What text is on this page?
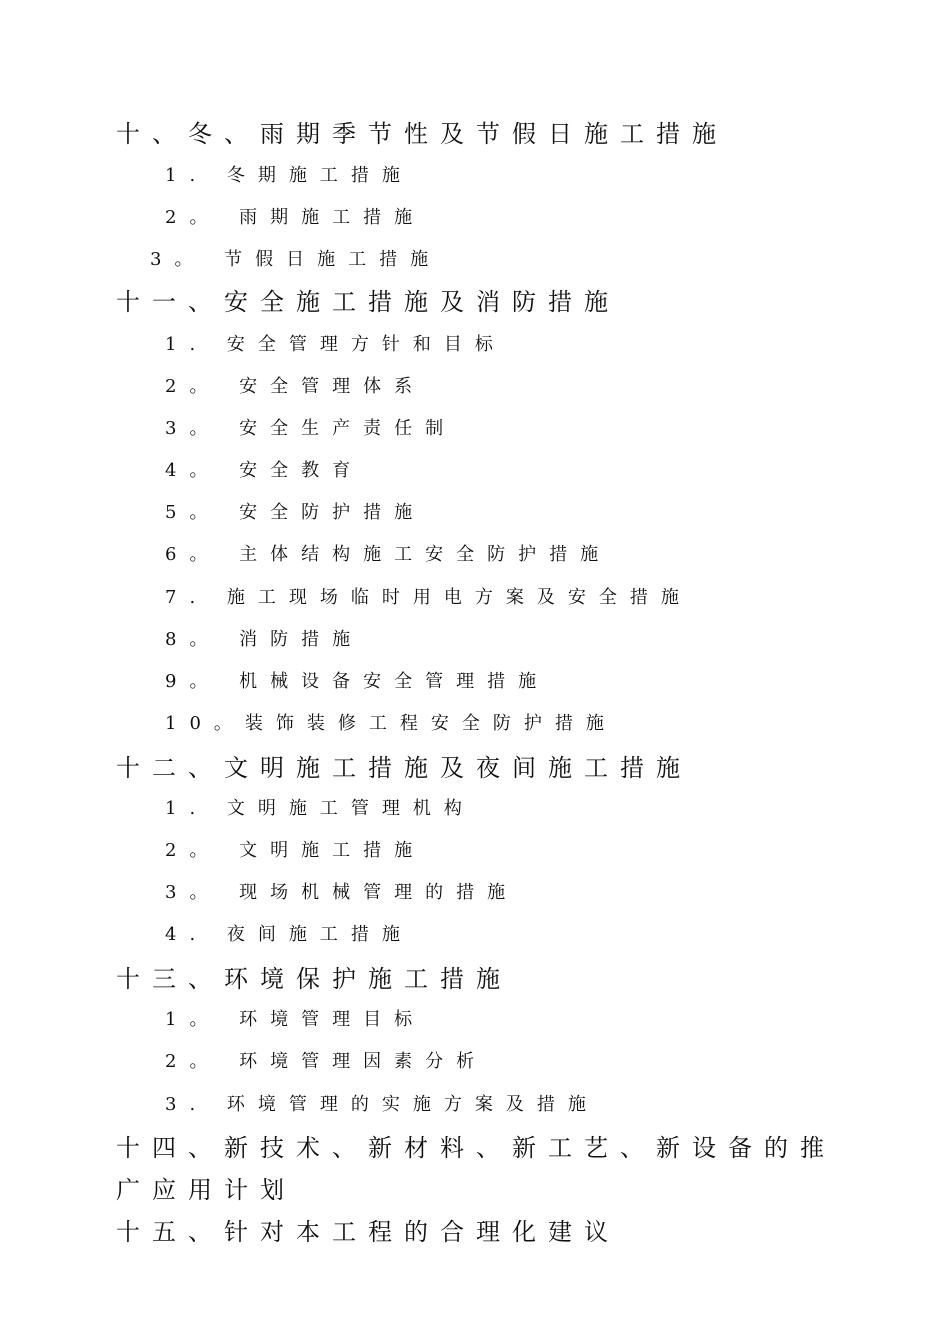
十、冬、雨期季节性及节假日施工措施
1. 冬期施工措施
2。 雨期施工措施
3。 节假日施工措施
十一、安全施工措施及消防措施
1. 安全管理方针和目标
2。 安全管理体系
3。 安全生产责任制
4。 安全教育
5。 安全防护措施
6。 主体结构施工安全防护措施
7. 施工现场临时用电方案及安全措施
8。 消防措施
9。 机械设备安全管理措施
10。装饰装修工程安全防护措施
十二、文明施工措施及夜间施工措施
1. 文明施工管理机构
2。 文明施工措施
3。 现场机械管理的措施
4. 夜间施工措施
十三、环境保护施工措施
1。 环境管理目标
2。 环境管理因素分析
3. 环境管理的实施方案及措施
十四、新技术、新材料、新工艺、新设备的推广应用计划
十五、针对本工程的合理化建议
